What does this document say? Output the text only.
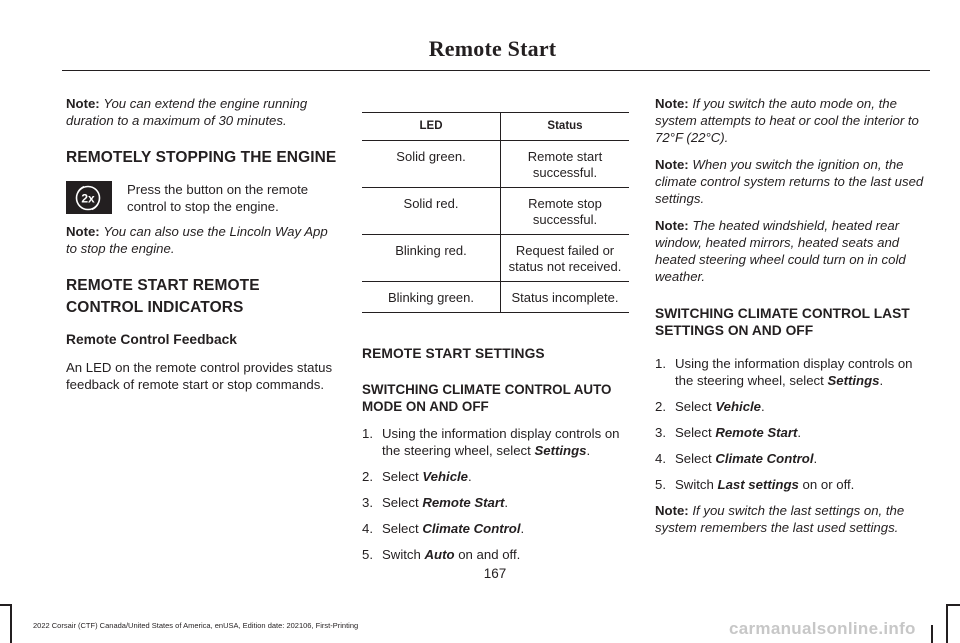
Remote Start

Note: You can extend the engine running duration to a maximum of 30 minutes.

REMOTELY STOPPING THE ENGINE
2x
Press the button on the remote control to stop the engine.

Note: You can also use the Lincoln Way App to stop the engine.

REMOTE START REMOTE CONTROL INDICATORS
Remote Control Feedback

An LED on the remote control provides status feedback of remote start or stop commands.

LED	Status
Solid green.	Remote start successful.
Solid red.	Remote stop successful.
Blinking red.	Request failed or status not received.
Blinking green.	Status incomplete.
REMOTE START SETTINGS
SWITCHING CLIMATE CONTROL AUTO MODE ON AND OFF
1. Using the information display controls on the steering wheel, select Settings.
2. Select Vehicle.
3. Select Remote Start.
4. Select Climate Control.
5. Switch Auto on and off.

Note: If you switch the auto mode on, the system attempts to heat or cool the interior to 72°F (22°C).

Note: When you switch the ignition on, the climate control system returns to the last used settings.

Note: The heated windshield, heated rear window, heated mirrors, heated seats and heated steering wheel could turn on in cold weather.

SWITCHING CLIMATE CONTROL LAST SETTINGS ON AND OFF
1. Using the information display controls on the steering wheel, select Settings.
2. Select Vehicle.
3. Select Remote Start.
4. Select Climate Control.
5. Switch Last settings on or off.

Note: If you switch the last settings on, the system remembers the last used settings.

167
2022 Corsair (CTF) Canada/United States of America, enUSA, Edition date: 202106, First-Printing	carmanualsonline.info
